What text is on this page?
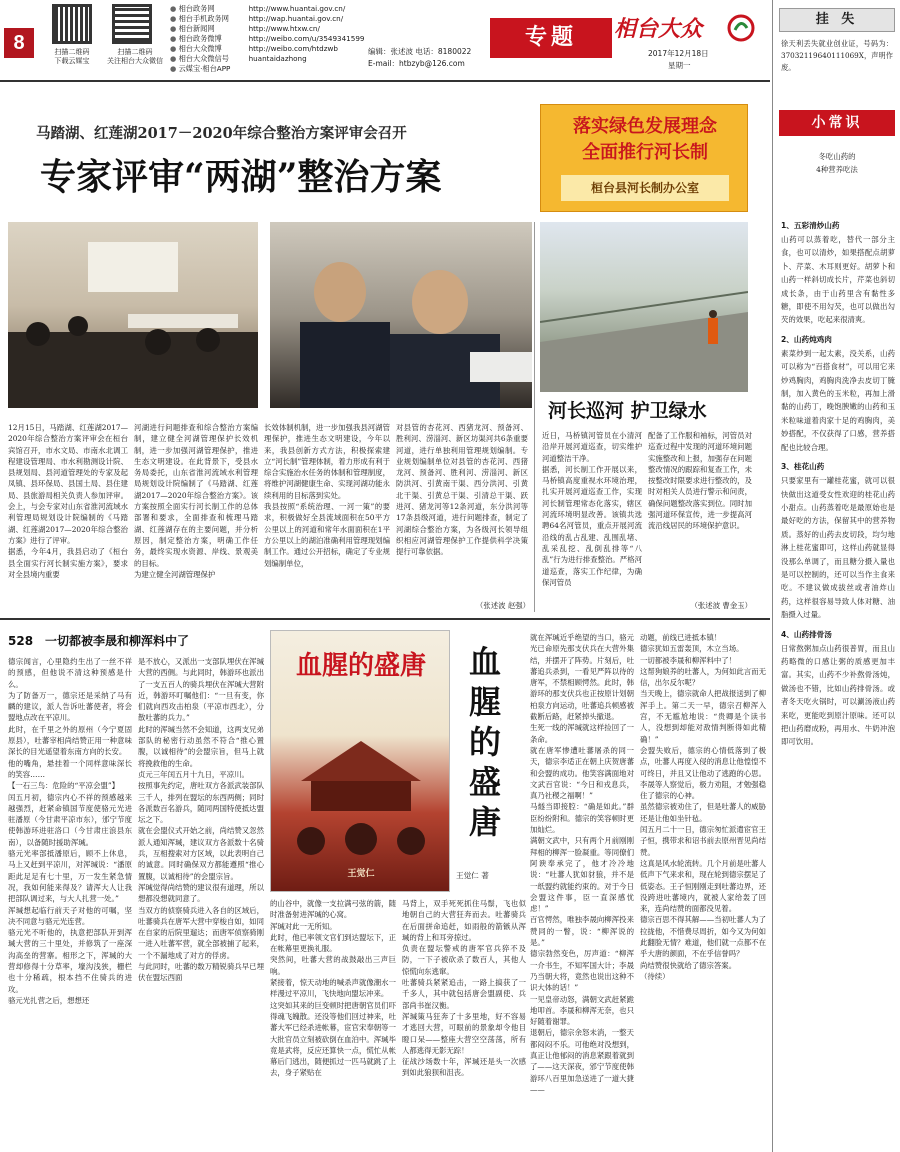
8	扫描二维码
下载云媒宝
扫描二维码
关注相台大众微信
● 相台政务网	http://www.huantai.gov.cn/
● 相台手机政务网	http://wap.huantai.gov.cn/
● 相台新闻网	http://www.htxw.cn/
● 相台政务微博	http://weibo.com/u/3549341599
● 相台大众微博	http://weibo.com/htdzwb
● 相台大众微信号	huantaidazhong
● 云媒宝·相台APP
编辑：张述波 电话：8180022
E-mail：htbzyb@126.com
专题	相台大众
2017年12月18日
星期一
挂 失
徐天利丢失就业创业证，号码为：37032119640111069X，声明作废。
小常识
冬吃山药的
4种营养吃法
1、五彩清炒山药
山药可以蒸着吃，替代一部分主食，也可以清炒，如果搭配点胡萝卜、芹菜、木耳则更好。胡萝卜和山药一样斜切成长片，芹菜也斜切成长条，由于山药里含有黏性多糖，即使不用勾芡，也可以做出勾芡的效果，吃起来很清爽。
2、山药炖鸡肉
素菜炒到一起太素，没关系，山药可以称为“百搭食材”，可以用它来炒鸡胸肉，鸡胸肉洗净去皮切丁腌制，加入黄色的玉米粒，再加上滑黏的山药丁，晚饱腴嫩的山药和玉米粒味道着肉家十足的鸡胸肉，美妙搭配，不仅获得了口感，营养搭配也比较合理。
3、桂花山药
只要家里有一罐桂花蜜，就可以很快做出这道受女性欢迎的桂花山药小甜点。山药蒸着吃是最原始也是最好吃的方法，保留其中的营养物质。蒸好的山药去皮切段，均匀地淋上桂花蜜即可，这样山药就显得没那么单调了，而且糖分摄入量也是可以控制的，还可以当作主食来吃。不建议做成拔丝或者油炸山药，这样很容易导致人体对糖、油脂摄入过量。
4、山药排骨汤
日常熬粥加点山药很普胃，而且山药略微的口感让粥的质感更加丰富。其实，山药不少补熬骨汤炖，做汤也不错，比如山药排骨汤。或者冬天吃火锅时，可以涮汤液山药来吃，更能吃到原汁原味。还可以把山药磨成粉，再用水、牛奶冲泡即可饮用。
马踏湖、红莲湖2017－2020年综合整治方案评审会召开
专家评审“两湖”整治方案
落实绿色发展理念
全面推行河长制
桓台县河长制办公室
河长巡河 护卫绿水
12月15日，马踏湖、红莲湖2017—2020年综合整治方案评审会在桓台宾馆召开，市水文局、市南水北调工程建设管理局、市水利勘测设计院、县规划局、县河道管理处的专家及起凤镇、县环保局、县国土局、县住建局、县旅游局相关负责人参加评审。会上，与会专家对山东省淮河流域水利管理局规划设计院编制的《马踏湖、红莲湖2017—2020年综合整治方案》进行了评审。
据悉，今年4月，我县启动了《桓台县全面实行河长制实施方案》，要求对全县境内重要
河湖进行问题排查和综合整治方案编制，建立健全河湖管理保护长效机制，进一步加强河湖管理保护，推进生态文明建设。在此背景下，受县水务局委托，山东省淮河流域水利管理局规划设计院编制了《马踏湖、红莲湖2017—2020年综合整治方案》。该方案按照全面实行河长制工作的总体部署和要求，全面排查和梳理马踏湖、红莲湖存在的主要问题，并分析原因，制定整治方案，明确工作任务，最终实现水资源、岸线、景观美的目标。
为建立健全河湖管理保护
长效体制机制，进一步加强我县河湖管理保护，推进生态文明建设，今年以来，我县创新方式方法，积极探索建立“河长制”管理体制，着力形成有利于综合实施治水任务的体制和管理制度，将维护河湖健康生命、实现河湖功能永续利用的目标落到实处。
我县按照“系统治理、一河一策”的要求，积极做好全县流域面积在50平方公里以上的河道和常年水面面积在1平方公里以上的湖泊准确利用管理现划编制工作。通过公开招标，确定了专业规划编制单位，
对县管的杏花河、西猪龙河、预备河、胜利河、涝淄河、新区坊渠河共6条重要河道，进行单独利用管理规划编制。专业规划编制单位对县管的杏花河、西猪龙河、预备河、胜利河、涝淄河、新区防洪河、引黄南干渠、西分洪河、引黄北干渠、引黄总干渠、引清总干渠、跃进河、猪龙河等12条河道，东分洪河等17条县级河道，进行问题排查，制定了河湖综合整治方案，为各级河长领导组织相应河湖管理保护工作提供科学决策提行可靠依据。
（张述波 赵强）
近日，马桥镇河管员在小清河沿岸开展河道巡查，切实维护河道整洁干净。
据悉，河长制工作开展以来，马桥镇高度重视水环境治理，扎实开展河道巡查工作，实现河长制管理常态化落实，辖区河流环境明显改善。该镇共选聘64名河管员，重点开展河流沿线的乱占乱建、乱围乱堵、乱采乱挖、乱倒乱排等“八乱”行为进行排查整治。严格河道巡查，落实工作纪律，为确保河管员
配备了工作服和袖标，河管员对巡查过程中发现的河道环境问题实施整改和上报，加强存在问题整改情况的跟踪和复查工作，未按整改时限要求进行整改的，及时对相关人员进行警示和问责，确保问题整改落实到位。同时加强河道环保宣传，进一步提高河流沿线居民的环境保护意识。
（张述波 曹金玉）
528　一切都被李晟和柳浑料中了
血腥的盛唐
王觉仁
血腥的盛唐
王觉仁 著
德宗闻言，心里隐约生出了一丝不祥的预感，但他说不清这种预感是什么。
为了防备万一，德宗还是采纳了马有麟的建议，派人告诉吐蕃使者，将会盟地点改在平凉川。
此时，在千里之外的原州（今宁夏固原县），吐蕃宰相尚结赞正用一种意味深长的目光遥望着东南方向的长安。
他的嘴角，悬挂着一个同样意味深长的笑容……
【一石三鸟：危险的“平凉会盟”】
闰五月初，德宗内心不祥的预感越来越强烈，赶紧命镇国节度使骆元光进驻潘原（今甘肃平凉市东），邠宁节度使韩游环进驻洛口（今甘肃庄浪县东南），以备随时援助浑瑊。
骆元光率部抵潘原后，顾不上休息，马上又赶到平凉川，对浑瑊说：“潘原距此足足有七十里，万一发生紧急情况，我如何能来得及？请浑大人让我把部队调过来，与大人扎营一处。”
浑瑊想起临行前天子对他的可嘱，坚决不同意与骆元光连营。
骆元光不听他的，执意把部队开到浑瑊大营的三十里处，并修筑了一座深沟高垒的营寨。相形之下，浑瑊的大营却修得十分草率，壕沟浅狭，栅栏也十分稀疏，根本挡不住骑兵的进攻。
骆元光扎营之后，想想还
是不放心，又派出一支部队埋伏在浑瑊大营的西侧。与此同时，韩游环也派出了一支五百人的骑兵埋伏在浑瑊大营附近，韩游环叮嘱他们：“一旦有变，你们就向西攻击柏泉（平凉市西北），分散吐蕃的兵力。”
此时的浑瑊当然不会知道，这两支兄弟部队的秘密行动虽然不符合“推心置腹，以诚相待”的会盟宗旨，但马上就将挽救他的生命。
贞元三年闰五月十九日，平凉川。
按照事先约定，唐吐双方各派武装部队三千人，排列在盟坛的东西两侧；同时各派数百名游兵，随同两国特使抵达盟坛之下。
就在会盟仪式开始之前，尚结赞又忽然派人通知浑瑊，建议双方各派数十名骑兵，互相搜索对方区域，以此表明自己的诚意。同时确保双方都能遵照“推心置腹，以诚相待”的会盟宗旨。
浑瑊觉得尚结赞的建议很有道理，所以想都没想就同意了。
当双方的侦察骑兵进入各自的区域后，吐蕃骑兵在唐军大营中穿梭自如，如同在自家的后院里遛达；而唐军侦察骑刚一进入吐蕃军营，就全部被捕了起来，一个不漏地成了对方的俘虏。
与此同时，吐蕃的数万精锐骑兵早已埋伏在盟坛西面
的山谷中，就像一支拉满弓弦的箭，随时准备射进浑瑊的心窝。
浑瑊对此一无所知。
此时，他已率领文官们到达盟坛下，正在帐幕里更换礼服。
突然间，吐蕃大营的战鼓敲出三声巨响。
紧接着，惊天动地的喊杀声就像潮水一样漫过平凉川，飞快地向盟坛冲来。
这突如其来的巨变顿时把唐朝官员们吓得魂飞魄散。还没等他们回过神来，吐蕃大军已经杀进帐幕，宦官宋奉朝等一大批官员立刻被砍倒在血泊中。浑瑊毕竟是武将，反应还算快一点，慌忙从帐幕后门逃出，随便抓过一匹马就跳了上去，身子紧贴在
马背上，双手死死抓住马鬃，飞也似地朝自己的大营狂奔而去。吐蕃骑兵在后面拼命追赶，如雨般的箭镞从浑瑊的背上和耳旁掠过。
负责在盟坛警戒的唐军官兵猝不及防，一下子被砍杀了数百人，其他人惊慌向东逃窜。
吐蕃骑兵紧紧追击，一路上搞获了一千多人，其中就包括唐会盟副使、兵部尚书崔汉衡。
浑瑊策马狂奔了十多里地，好不容易才逃回大营，可眼前的景象却令他目瞪口呆——整座大营空空荡荡，所有人都逃得无影无踪！
征战沙场数十年，浑瑊还是头一次感到如此狼狈和沮丧。
就在浑瑊近乎绝望的当口，骆元光已命原先那支伏兵在大营外集结，并摆开了阵势。片刻后，吐蕃追兵杀到，一看见严阵以待的唐军，不禁相顾愕然。此时，韩游环的那支伏兵也正按原计划朝柏泉方向运动，吐蕃追兵顿感被截断后路，赶紧掉头撤退。
生死一线的浑瑊就这样捡回了一条命。
就在唐军惨遭吐蕃屠杀的同一天，德宗李适正在朝上庆贺唐蕃和会盟的成功。他笑容满面地对文武百官说：“今日和戎息兵，真乃社稷之福啊！”
马燧当即接腔：“确是如此。”群臣纷纷附和。德宗的笑容顿时更加灿烂。
满朝文武中，只有两个月前刚刚拜相的柳浑一脸凝重。等同僚们阿谀奉承完了，他才冷冷地说：“吐蕃人犹如豺狼，并不是一纸盟约就能约束的。对于今日会盟这件事，臣一直深感忧虑！”
百官愕然，唯独李晟向柳浑投来赞同的一瞥，说：“柳浑说的是。”
德宗勃然变色，厉声道：“柳浑一介书生，不知军国大计；李晟乃当朝大将，竟然也说出这种不识大体的话！”
一见皇帝动怒，满朝文武赶紧跪地叩首。李晟和柳浑无奈，也只好随着谢罪。
退朝后，德宗余怒未消，一整天都闷闷不乐。可他绝对没想到，真正让他郁闷的消息紧跟着就到了——这天深夜，邠宁节度使韩游环八百里加急送进了一道大捷——
动题，前线已进抵本镇！
德宗犹如五雷轰顶，木立当场。
一切都被李晟和柳浑料中了！
这帮狗娘养的吐蕃人，为何如此言而无信，出尔反尔呢？
当天晚上，德宗就命人把战报送到了柳浑手上。第二天一早，德宗召柳浑入宫，不无尴尬地说：“贵卿是个读书人，没想到却能对敌情判断得如此精确！”
会盟失败后，德宗的心情低落到了极点，吐蕃人再度入侵的消息让他惶惶不可终日，并且又让他动了逃跑的心思。李晟等人察觉后，极力劝阻，才勉强稳住了德宗的心神。
虽然德宗被劝住了，但是吐蕃人的威胁还是让他如坐针毡。
闰五月二十一日，德宗匆忙派遣宦官王子恒，携带求和诏书前去原州晋见尚结赞。
这真是风水轮流转。几个月前是吐蕃人低声下气来求和，现在轮到德宗摆足了低姿态。王子恒刚刚走到吐蕃边界，还没跨进吐蕃境内，就被人家给轰了回来，连尚结赞的面都没见着。
德宗百思不得其解——当初吐蕃人为了拉拢他，不惜费尽周折，如今又为何如此翻脸无情？难道，他们就一点都不在乎大唐的颜面，不在乎信誉吗？
尚结赞很快就给了德宗答案。
（待续）
